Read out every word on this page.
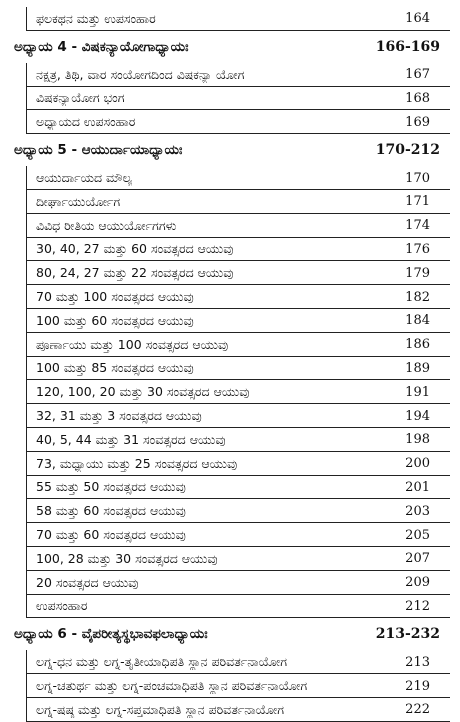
ಫಲಕಥನ ಮತ್ತು ಉಪಸಂಹಾರ	164
ಅಧ್ಯಾಯ 4 - ವಿಷಕನ್ಯಾಯೋಗಾಧ್ಯಾಯಃ	166-169
ನಕ್ಷತ್ರ, ತಿಥಿ, ವಾರ ಸಂಯೋಗದಿಂದ ವಿಷಕನ್ಯಾ ಯೋಗ	167
ವಿಷಕನ್ಯಾಯೋಗ ಭಂಗ	168
ಅಧ್ಯಾಯದ ಉಪಸಂಹಾರ	169
ಅಧ್ಯಾಯ 5 - ಆಯುರ್ದಾಯಾಧ್ಯಾಯಃ	170-212
ಆಯುರ್ದಾಯದ ಮೌಲ್ಯ	170
ದೀರ್ಘಾಯುರ್ಯೋಗ	171
ವಿವಿಧ ರೀತಿಯ ಆಯುರ್ಯೋಗಗಳು	174
30, 40, 27 ಮತ್ತು 60 ಸಂವತ್ಸರದ ಆಯುವು	176
80, 24, 27 ಮತ್ತು 22 ಸಂವತ್ಸರದ ಆಯುವು	179
70 ಮತ್ತು 100 ಸಂವತ್ಸರದ ಆಯುವು	182
100 ಮತ್ತು 60 ಸಂವತ್ಸರದ ಆಯುವು	184
ಪೂರ್ಣಾಯು ಮತ್ತು 100 ಸಂವತ್ಸರದ ಆಯುವು	186
100 ಮತ್ತು 85 ಸಂವತ್ಸರದ ಆಯುವು	189
120, 100, 20 ಮತ್ತು 30 ಸಂವತ್ಸರದ ಆಯುವು	191
32, 31 ಮತ್ತು 3 ಸಂವತ್ಸರದ ಆಯುವು	194
40, 5, 44 ಮತ್ತು 31 ಸಂವತ್ಸರದ ಆಯುವು	198
73, ಮಧ್ಯಾಯು ಮತ್ತು 25 ಸಂವತ್ಸರದ ಆಯುವು	200
55 ಮತ್ತು 50 ಸಂವತ್ಸರದ ಆಯುವು	201
58 ಮತ್ತು 60 ಸಂವತ್ಸರದ ಆಯುವು	203
70 ಮತ್ತು 60 ಸಂವತ್ಸರದ ಆಯುವು	205
100, 28 ಮತ್ತು 30 ಸಂವತ್ಸರದ ಆಯುವು	207
20 ಸಂವತ್ಸರದ ಆಯುವು	209
ಉಪಸಂಹಾರ	212
ಅಧ್ಯಾಯ 6 - ವೈಪರೀತ್ಯಸ್ಥಭಾವಫಲಾಧ್ಯಾಯಃ	213-232
ಲಗ್ನ-ಧನ ಮತ್ತು ಲಗ್ನ-ತೃತೀಯಾಧಿಪತಿ ಸ್ಥಾನ ಪರಿವರ್ತನಾಯೋಗ	213
ಲಗ್ನ-ಚತುರ್ಥ ಮತ್ತು ಲಗ್ನ-ಪಂಚಮಾಧಿಪತಿ ಸ್ಥಾನ ಪರಿವರ್ತನಾಯೋಗ	219
ಲಗ್ನ-ಷಷ್ಠ ಮತ್ತು ಲಗ್ನ-ಸಪ್ತಮಾಧಿಪತಿ ಸ್ಥಾನ ಪರಿವರ್ತನಾಯೋಗ	222
